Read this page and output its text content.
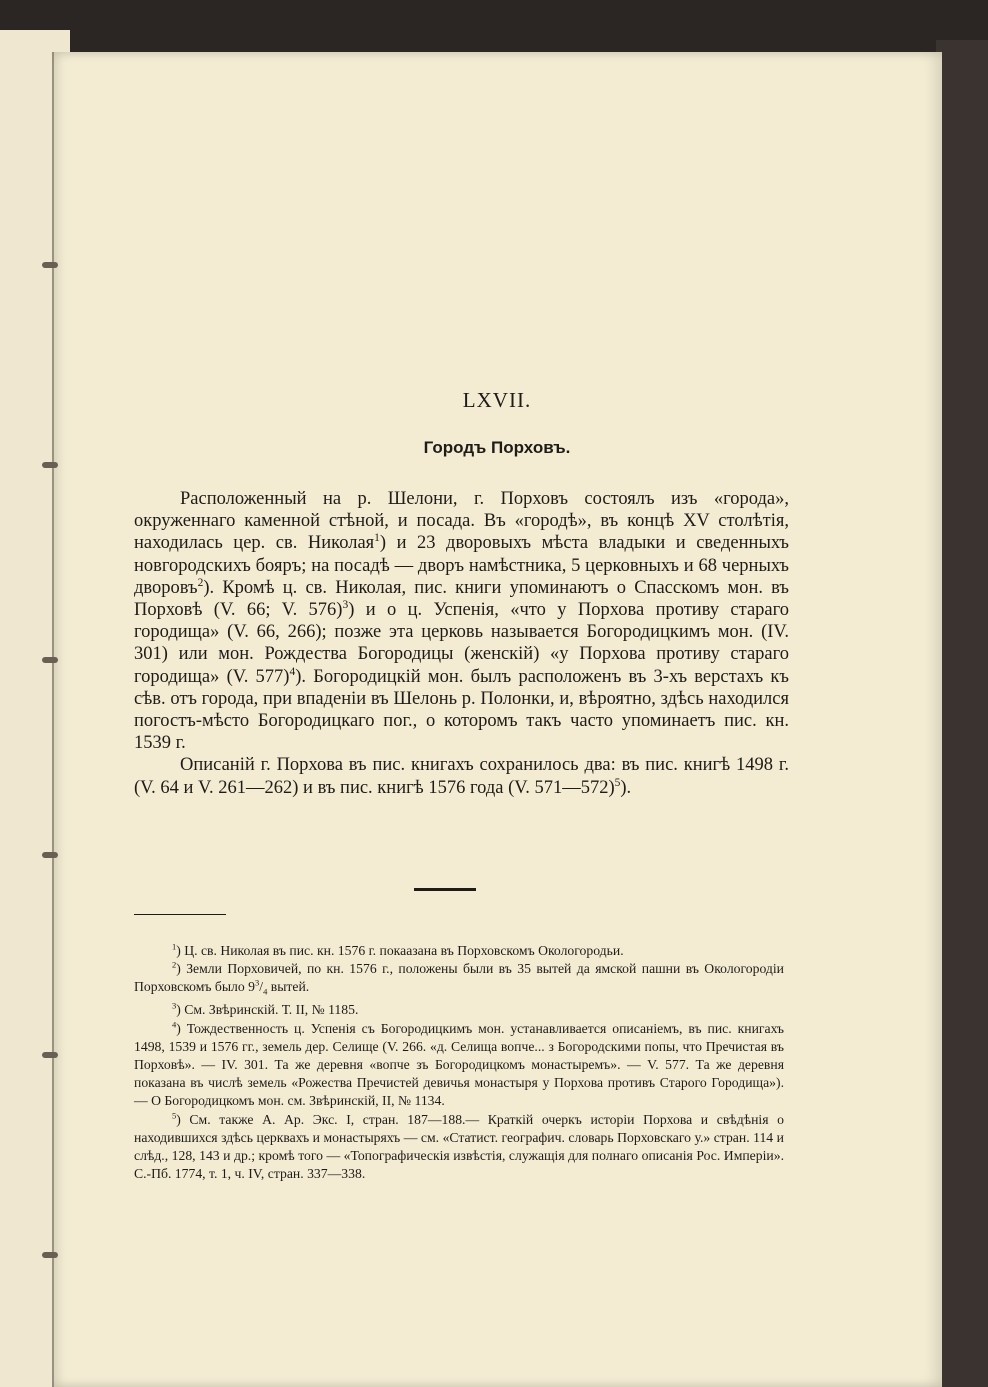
LXVII.
Городъ Порховъ.

Расположенный на р. Шелони, г. Порховъ состоялъ изъ «города», окруженнаго каменной стѣной, и посада. Въ «городѣ», въ концѣ XV столѣтія, находилась цер. св. Николая$^1$) и 23 дворовыхъ мѣста владыки и сведенныхъ новгородскихъ бояръ; на посадѣ — дворъ намѣстника, 5 церковныхъ и 68 черныхъ дворовъ$^2$). Кромѣ ц. св. Николая, пис. книги упоминаютъ о Спасскомъ мон. въ Порховѣ (V. 66; V. 576)$^3$) и о ц. Успенія, «что у Порхова противу стараго городища» (V. 66, 266); позже эта церковь называется Богородицкимъ мон. (IV. 301) или мон. Рождества Богородицы (женскій) «у Порхова противу стараго городища» (V. 577)$^4$). Богородицкій мон. былъ расположенъ въ 3-хъ верстахъ къ сѣв. отъ города, при впаденіи въ Шелонь р. Полонки, и, вѣроятно, здѣсь находился погостъ-мѣсто Богородицкаго пог., о которомъ такъ часто упоминаетъ пис. кн. 1539 г.

Описаній г. Порхова въ пис. книгахъ сохранилось два: въ пис. книгѣ 1498 г. (V. 64 и V. 261—262) и въ пис. книгѣ 1576 года (V. 571—572)$^5$).

$^1$) Ц. св. Николая въ пис. кн. 1576 г. покаазана въ Порховскомъ Окологородьи.

$^2$) Земли Порховичей, по кн. 1576 г., положены были въ 35 вытей да ямской пашни въ Окологородіи Порховскомъ было $9^3/_4$ вытей.

$^3$) См. Звѣринскій. Т. II, № 1185.

$^4$) Тождественность ц. Успенія съ Богородицкимъ мон. устанавливается описаніемъ, въ пис. книгахъ 1498, 1539 и 1576 гг., земель дер. Селище (V. 266. «д. Селища вопче... з Богородскими попы, что Пречистая въ Порховѣ». — IV. 301. Та же деревня «вопче зъ Богородицкомъ монастыремъ». — V. 577. Та же деревня показана въ числѣ земель «Рожества Пречистей девичья монастыря у Порхова противъ Старого Городища»). — О Богородицкомъ мон. см. Звѣринскій, II, № 1134.

$^5$) См. также А. Ар. Экс. I, стран. 187—188.— Краткій очеркъ исторіи Порхова и свѣдѣнія о находившихся здѣсь церквахъ и монастыряхъ — см. «Статист. географич. словарь Порховскаго у.» стран. 114 и слѣд., 128, 143 и др.; кромѣ того — «Топографическія извѣстія, служащія для полнаго описанія Рос. Имперіи». С.-Пб. 1774, т. 1, ч. IV, стран. 337—338.
